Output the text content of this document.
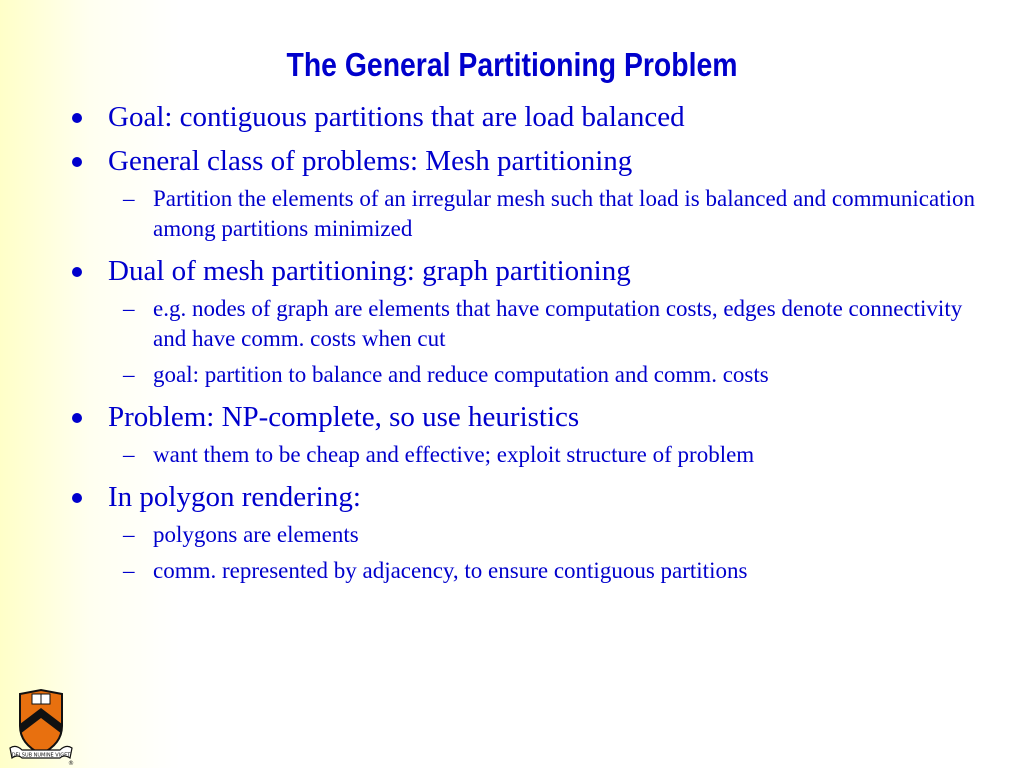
The General Partitioning Problem
Goal: contiguous partitions that are load balanced
General class of problems: Mesh partitioning
– Partition the elements of an irregular mesh such that load is balanced and communication among partitions minimized
Dual of mesh partitioning: graph partitioning
– e.g. nodes of graph are elements that have computation costs, edges denote connectivity and have comm. costs when cut
– goal: partition to balance and reduce computation and comm. costs
Problem: NP-complete, so use heuristics
– want them to be cheap and effective; exploit structure of problem
In polygon rendering:
– polygons are elements
– comm. represented by adjacency, to ensure contiguous partitions
DEI SUB NUMINE VIGET
®
